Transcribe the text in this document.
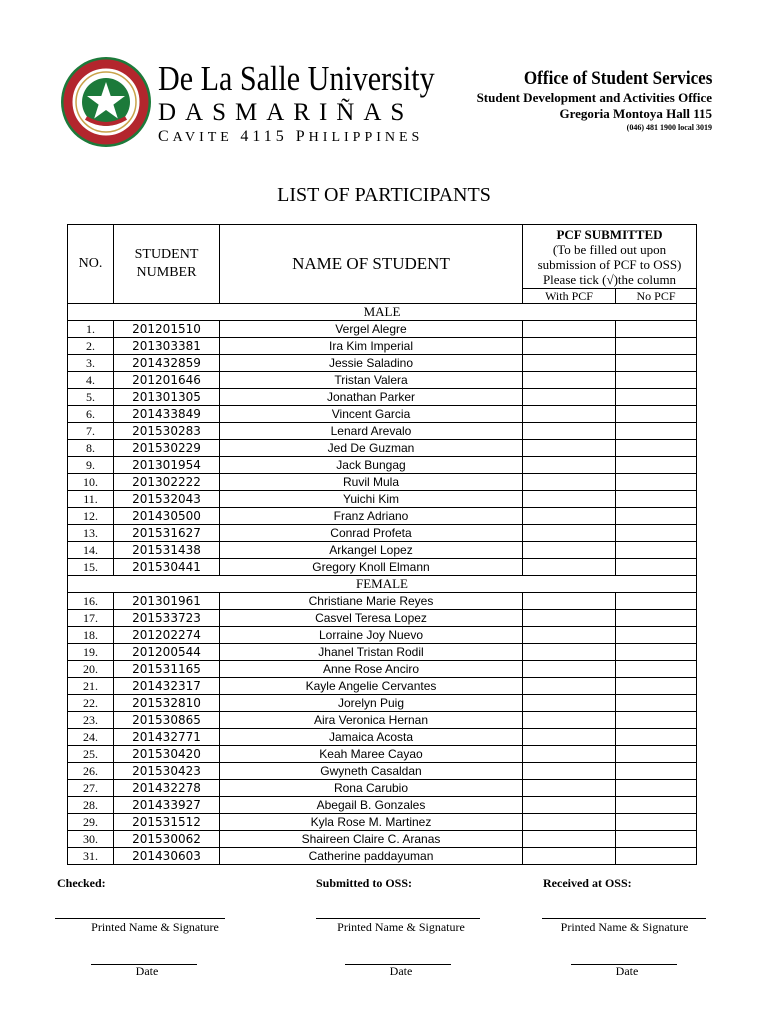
De La Salle University
DASMARIÑAS
CAVITE 4115 PHILIPPINES
Office of Student Services
Student Development and Activities Office
Gregoria Montoya Hall 115
(046) 481 1900 local 3019
LIST OF PARTICIPANTS
NO.	STUDENT NUMBER	NAME OF STUDENT	PCF SUBMITTED
(To be filled out upon submission of PCF to OSS) Please tick (√)the column	
			With PCF	No PCF
MALE				
1.	201201510	Vergel Alegre		
2.	201303381	Ira Kim Imperial		
3.	201432859	Jessie Saladino		
4.	201201646	Tristan Valera		
5.	201301305	Jonathan Parker		
6.	201433849	Vincent Garcia		
7.	201530283	Lenard Arevalo		
8.	201530229	Jed De Guzman		
9.	201301954	Jack Bungag		
10.	201302222	Ruvil Mula		
11.	201532043	Yuichi Kim		
12.	201430500	Franz Adriano		
13.	201531627	Conrad Profeta		
14.	201531438	Arkangel Lopez		
15.	201530441	Gregory Knoll Elmann		
FEMALE				
16.	201301961	Christiane Marie Reyes		
17.	201533723	Casvel Teresa Lopez		
18.	201202274	Lorraine Joy Nuevo		
19.	201200544	Jhanel Tristan Rodil		
20.	201531165	Anne Rose Anciro		
21.	201432317	Kayle Angelie Cervantes		
22.	201532810	Jorelyn Puig		
23.	201530865	Aira Veronica Hernan		
24.	201432771	Jamaica Acosta		
25.	201530420	Keah Maree Cayao		
26.	201530423	Gwyneth Casaldan		
27.	201432278	Rona Carubio		
28.	201433927	Abegail B. Gonzales		
29.	201531512	Kyla Rose M. Martinez		
30.	201530062	Shaireen Claire C. Aranas		
31.	201430603	Catherine paddayuman		
Checked:	Submitted to OSS:	Received at OSS:
Printed Name & Signature	Printed Name & Signature	Printed Name & Signature
Date	Date	Date
